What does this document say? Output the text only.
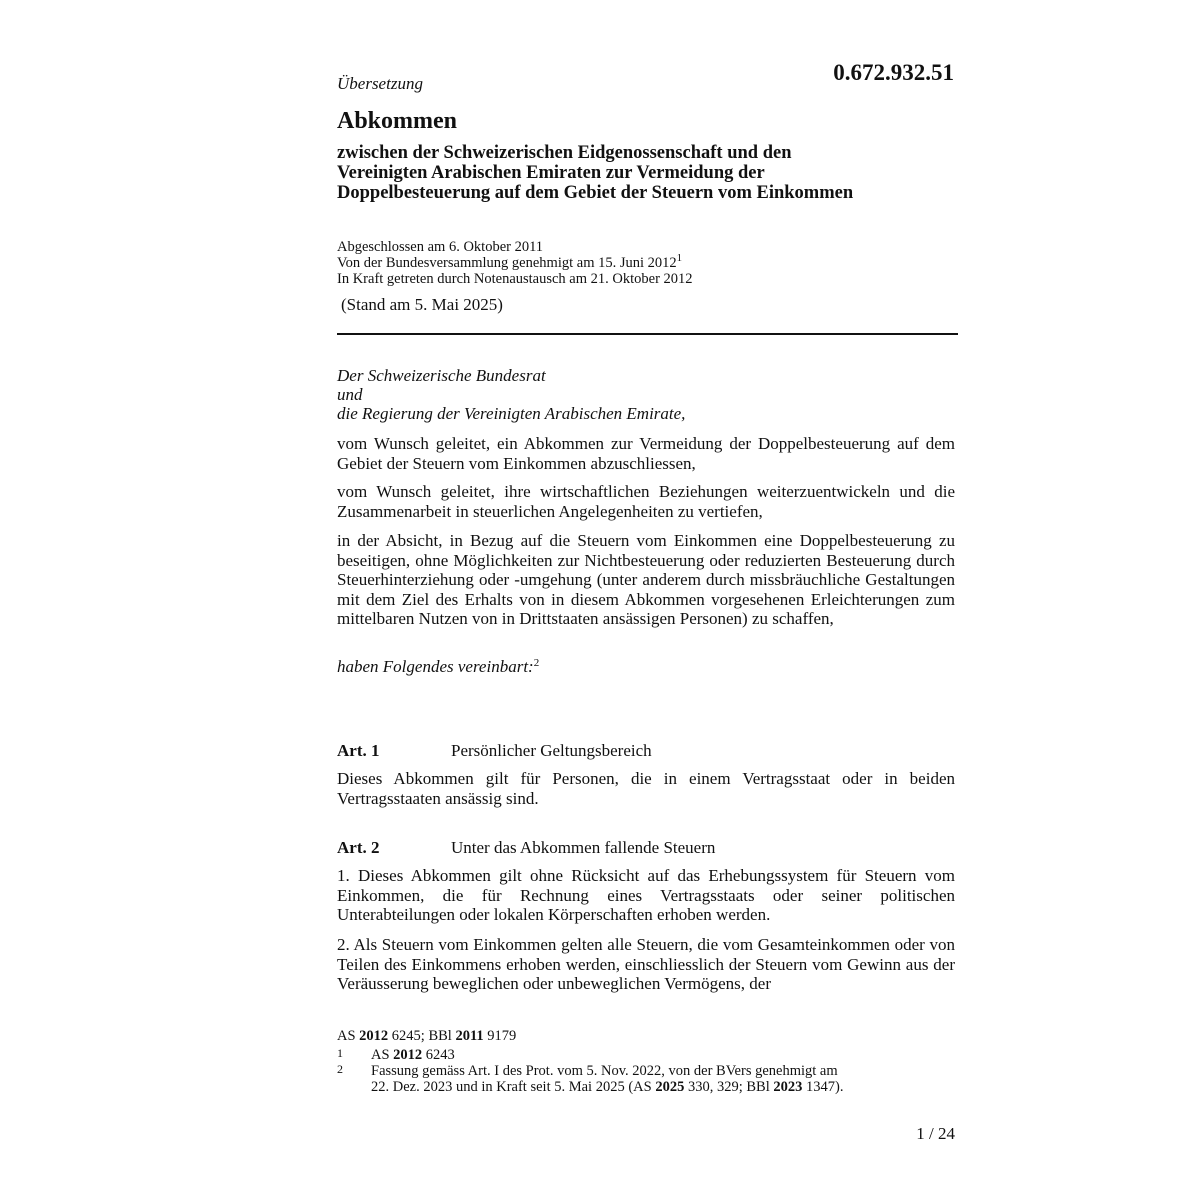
Übersetzung	0.672.932.51
Abkommen
zwischen der Schweizerischen Eidgenossenschaft und den
Vereinigten Arabischen Emiraten zur Vermeidung der
Doppelbesteuerung auf dem Gebiet der Steuern vom Einkommen
Abgeschlossen am 6. Oktober 2011
Von der Bundesversammlung genehmigt am 15. Juni 2012$^1$
In Kraft getreten durch Notenaustausch am 21. Oktober 2012
(Stand am 5. Mai 2025)
Der Schweizerische Bundesrat
und
die Regierung der Vereinigten Arabischen Emirate,

vom Wunsch geleitet, ein Abkommen zur Vermeidung der Doppelbesteuerung auf dem Gebiet der Steuern vom Einkommen abzuschliessen,

vom Wunsch geleitet, ihre wirtschaftlichen Beziehungen weiterzuentwickeln und die Zusammenarbeit in steuerlichen Angelegenheiten zu vertiefen,

in der Absicht, in Bezug auf die Steuern vom Einkommen eine Doppelbesteuerung zu beseitigen, ohne Möglichkeiten zur Nichtbesteuerung oder reduzierten Besteuerung durch Steuerhinterziehung oder -umgehung (unter anderem durch missbräuchliche Gestaltungen mit dem Ziel des Erhalts von in diesem Abkommen vorgesehenen Erleichterungen zum mittelbaren Nutzen von in Drittstaaten ansässigen Personen) zu schaffen,

haben Folgendes vereinbart:$^2$
Art. 1	Persönlicher Geltungsbereich

Dieses Abkommen gilt für Personen, die in einem Vertragsstaat oder in beiden Vertragsstaaten ansässig sind.

Art. 2	Unter das Abkommen fallende Steuern

1. Dieses Abkommen gilt ohne Rücksicht auf das Erhebungssystem für Steuern vom Einkommen, die für Rechnung eines Vertragsstaats oder seiner politischen Unterabteilungen oder lokalen Körperschaften erhoben werden.

2. Als Steuern vom Einkommen gelten alle Steuern, die vom Gesamteinkommen oder von Teilen des Einkommens erhoben werden, einschliesslich der Steuern vom Gewinn aus der Veräusserung beweglichen oder unbeweglichen Vermögens, der

AS 2012 6245; BBl 2011 9179
1 AS 2012 6243
2 Fassung gemäss Art. I des Prot. vom 5. Nov. 2022, von der BVers genehmigt am
22. Dez. 2023 und in Kraft seit 5. Mai 2025 (AS 2025 330, 329; BBl 2023 1347).
1 / 24
